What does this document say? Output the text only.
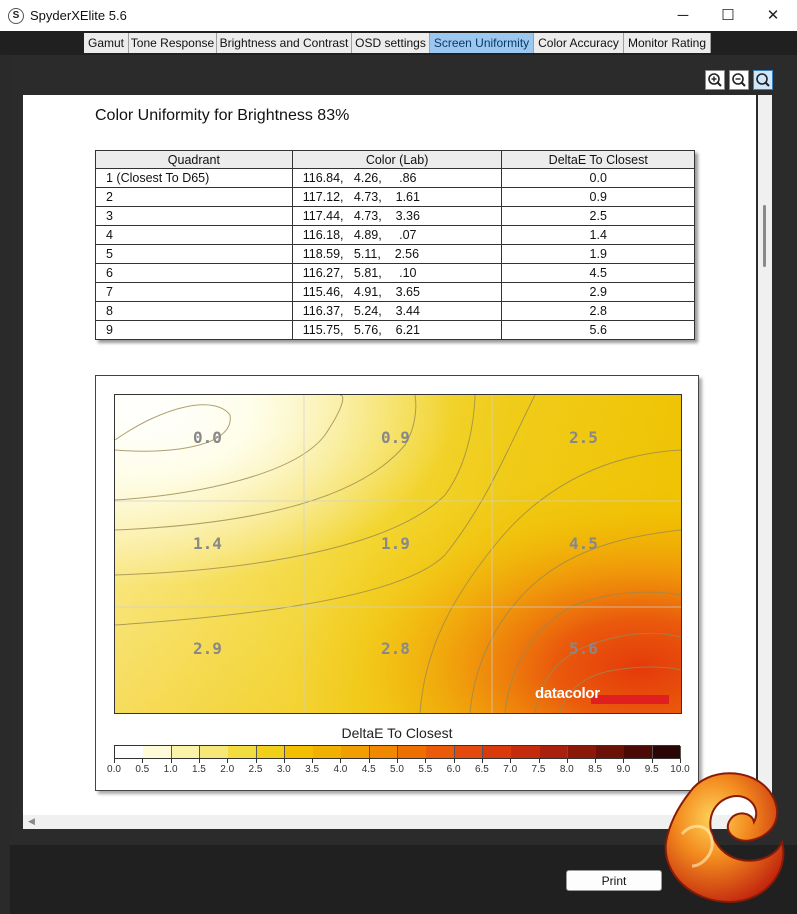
S SpyderXElite 5.6	─	☐	✕
Gamut Tone Response Brightness and Contrast OSD settings Screen Uniformity Color Accuracy Monitor Rating
Color Uniformity for Brightness 83%
Quadrant	Color (Lab)	DeltaE To Closest
1 (Closest To D65)	116.84,   4.26,     .86	0.0
2	117.12,   4.73,    1.61	0.9
3	117.44,   4.73,    3.36	2.5
4	116.18,   4.89,     .07	1.4
5	118.59,   5.11,    2.56	1.9
6	116.27,   5.81,     .10	4.5
7	115.46,   4.91,    3.65	2.9
8	116.37,   5.24,    3.44	2.8
9	115.75,   5.76,    6.21	5.6
0.0	0.9	2.5
1.4	1.9	4.5
2.9	2.8	5.6
datacolor
DeltaE To Closest
0.0	0.5	1.0	1.5	2.0	2.5	3.0	3.5	4.0	4.5	5.0	5.5	6.0	6.5	7.0	7.5	8.0	8.5	9.0	9.5	10.0
◀
Print
